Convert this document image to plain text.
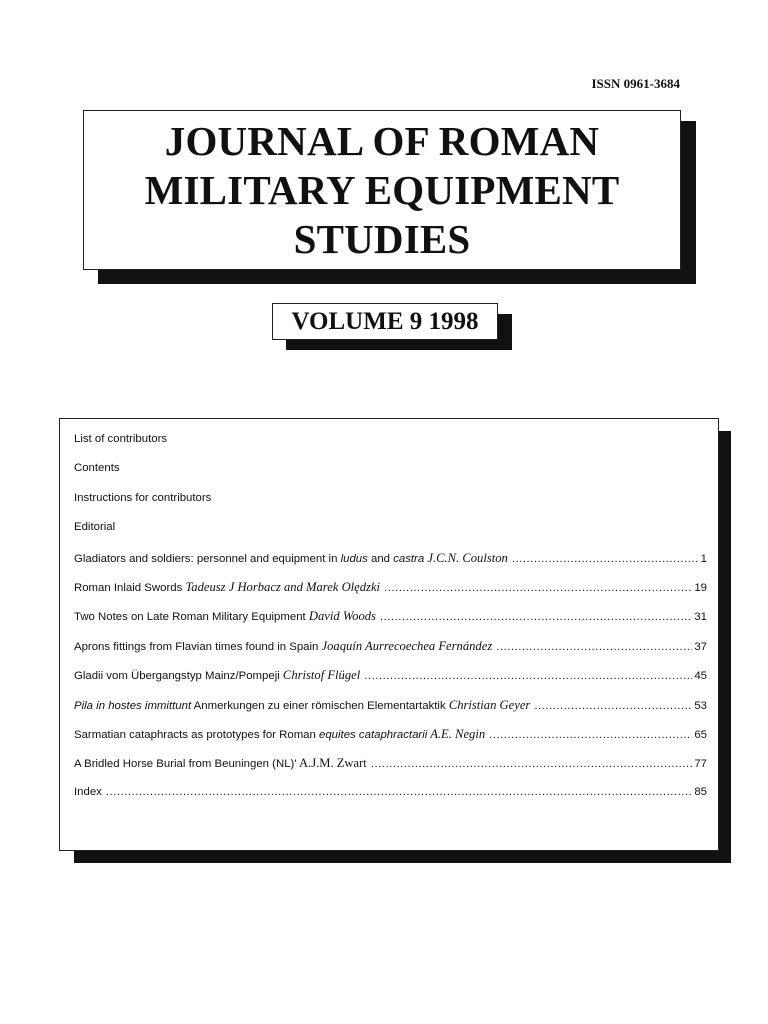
ISSN 0961-3684
JOURNAL OF ROMAN
MILITARY EQUIPMENT
STUDIES
VOLUME 9 1998
List of contributors
Contents
Instructions for contributors
Editorial
Gladiators and soldiers: personnel and equipment in ludus and castra J.C.N. Coulston .....	1
Roman Inlaid Swords Tadeusz J Horbacz and Marek Olędzki .....	19
Two Notes on Late Roman Military Equipment David Woods .....	31
Aprons fittings from Flavian times found in Spain Joaquín Aurrecoechea Fernández .....	37
Gladii vom Übergangstyp Mainz/Pompeji Christof Flügel .....	45
Pila in hostes immittunt Anmerkungen zu einer römischen Elementartaktik Christian Geyer .....	53
Sarmatian cataphracts as prototypes for Roman equites cataphractarii A.E. Negin .....	65
A Bridled Horse Burial from Beuningen (NL)' A.J.M. Zwart .....	77
Index .....	85
